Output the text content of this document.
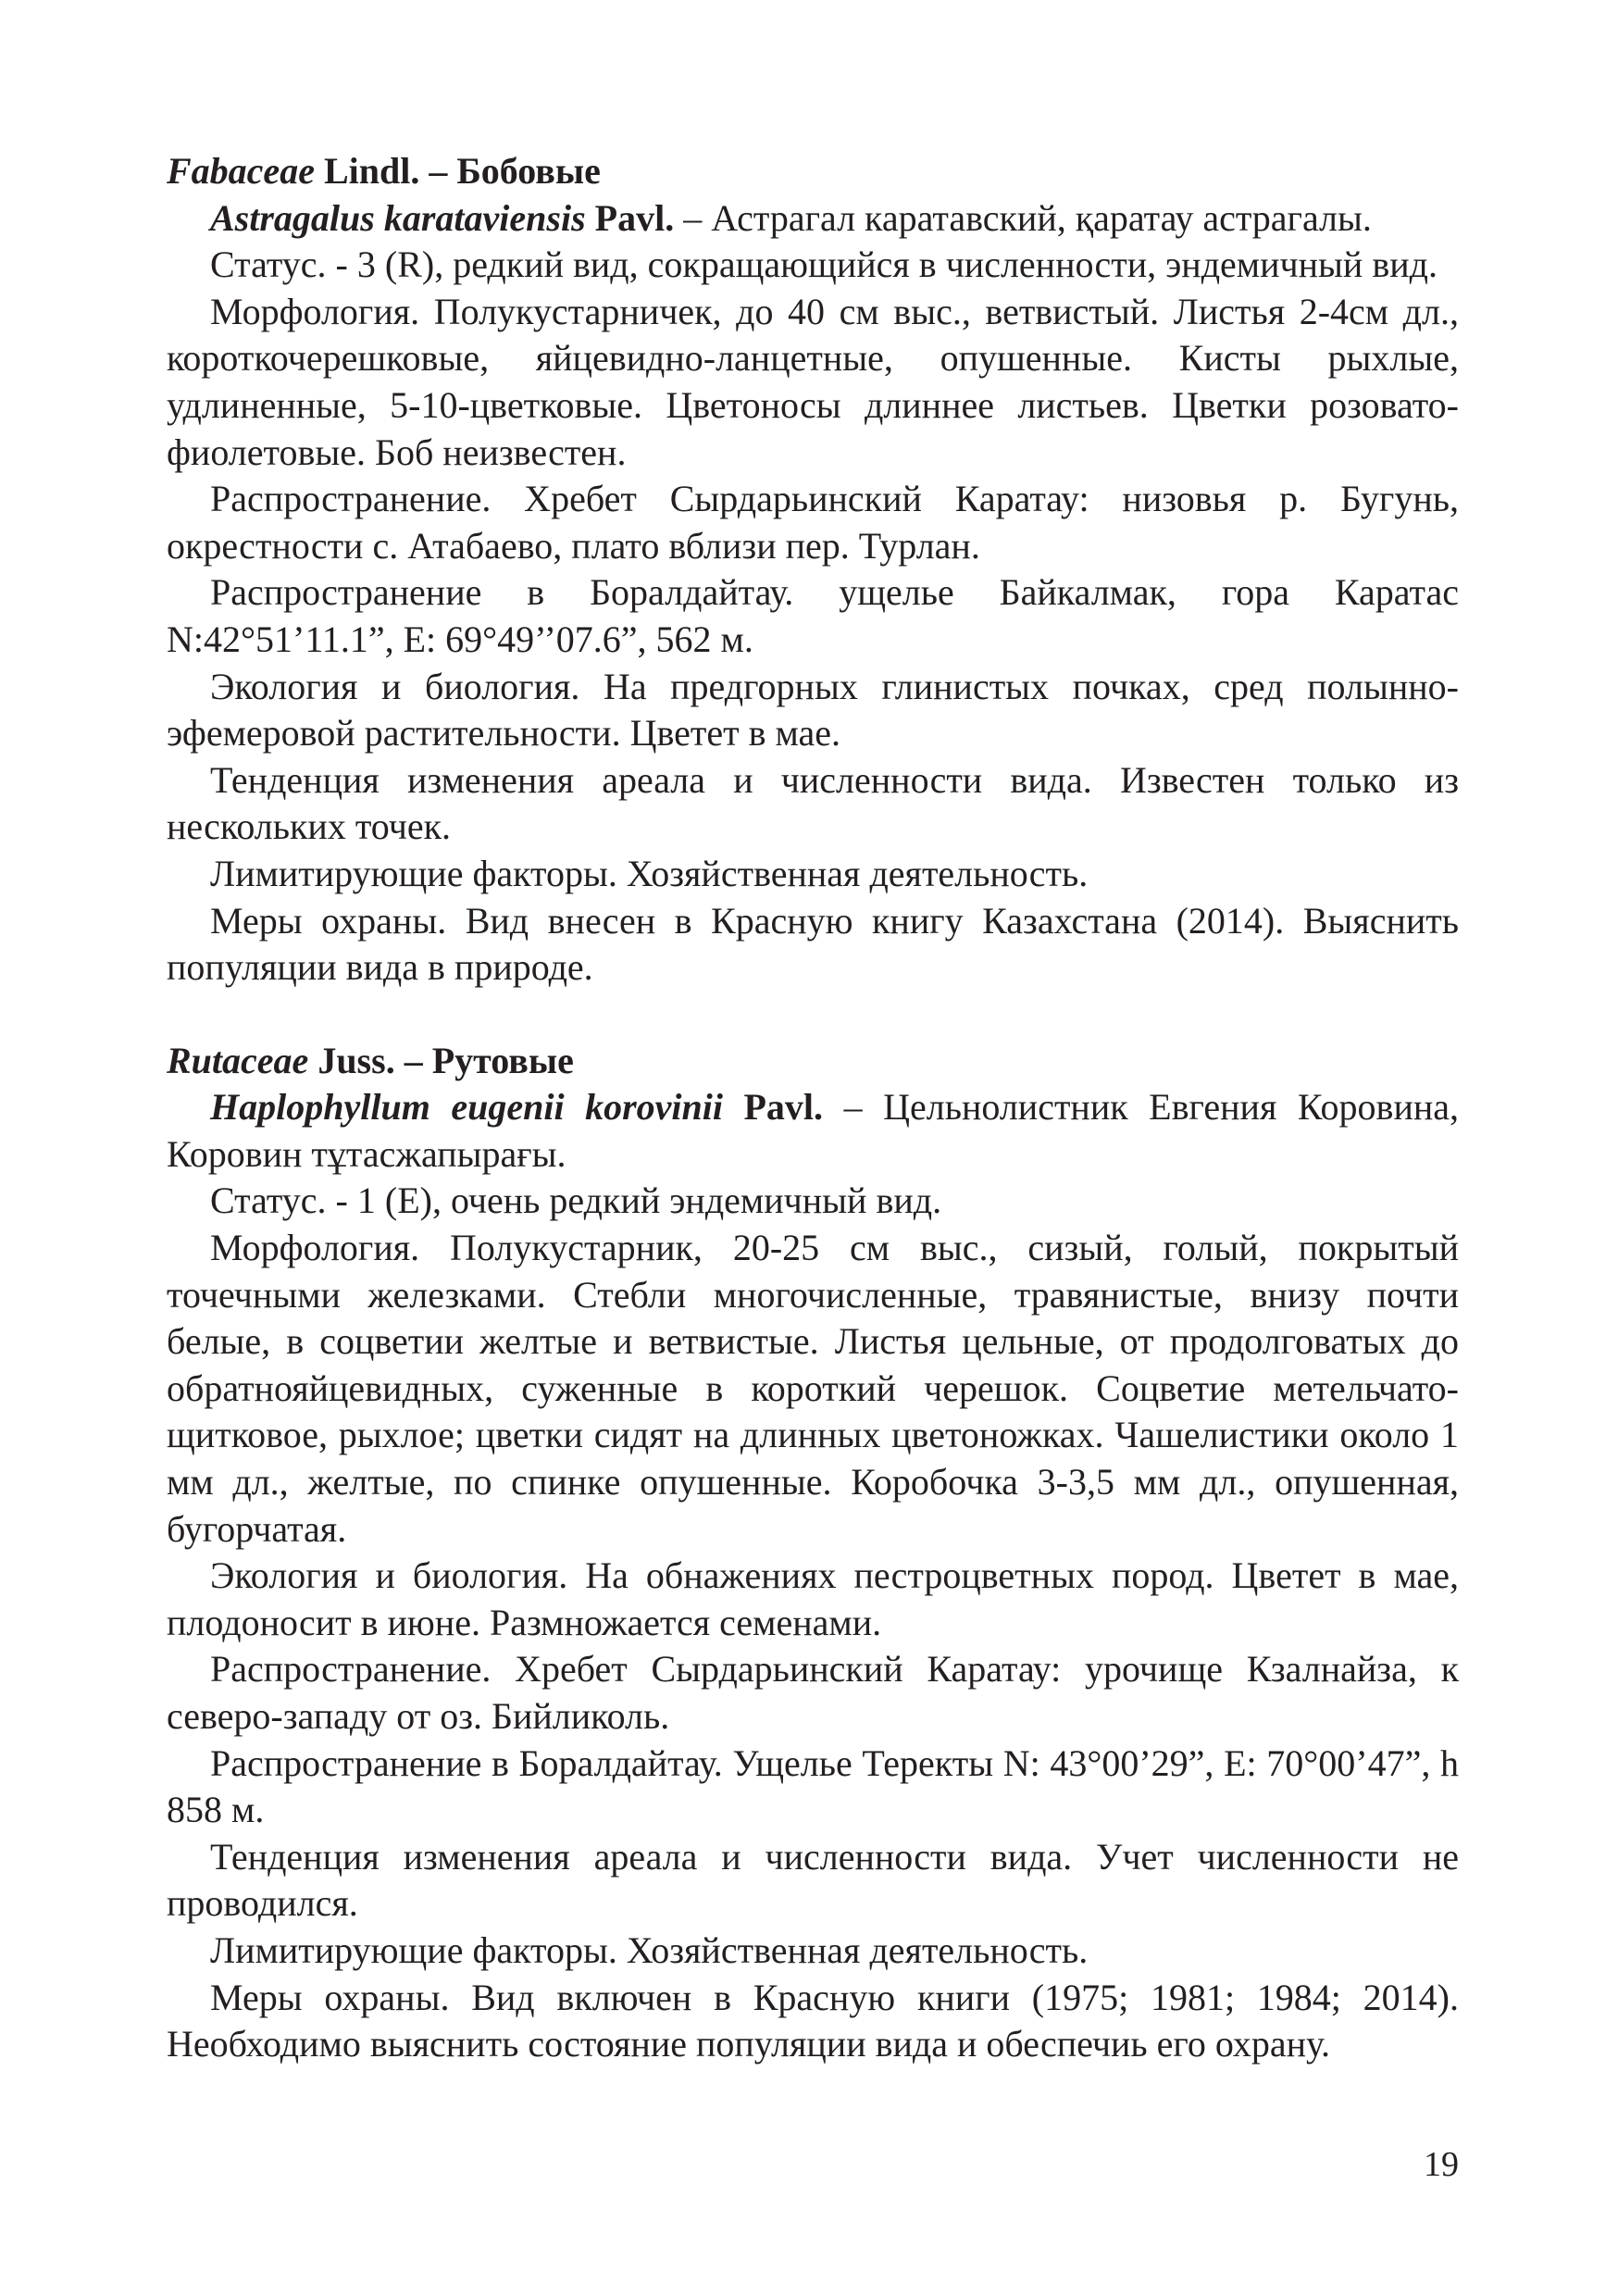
Fabaceae Lindl. – Бобовые

Astragalus karataviensis Pavl. – Астрагал каратавский, қаратау астрагалы.

Статус. - 3 (R), редкий вид, сокращающийся в численности, эндемичный вид.

Морфология. Полукустарничек, до 40 см выс., ветвистый. Листья 2-4см дл., короткочерешковые, яйцевидно-ланцетные, опушенные. Кисты рыхлые, удлиненные, 5-10-цветковые. Цветоносы длиннее листьев. Цветки розовато-фиолетовые. Боб неизвестен.

Распространение. Хребет Сырдарьинский Каратау: низовья р. Бугунь, окрестности с. Атабаево, плато вблизи пер. Турлан.

Распространение в Боралдайтау. ущелье Байкалмак, гора Каратас N:42°51’11.1”, E: 69°49’’07.6”, 562 м.

Экология и биология. На предгорных глинистых почках, сред полынно-эфемеровой растительности. Цветет в мае.

Тенденция изменения ареала и численности вида. Известен только из нескольких точек.

Лимитирующие факторы. Хозяйственная деятельность.

Меры охраны. Вид внесен в Красную книгу Казахстана (2014). Выяснить популяции вида в природе.

Rutaceae Juss. – Рутовые

Haplophyllum eugenii korovinii Pavl. – Цельнолистник Евгения Коровина, Коровин тұтасжапырағы.

Статус. - 1 (E), очень редкий эндемичный вид.

Морфология. Полукустарник, 20-25 см выс., сизый, голый, покрытый точечными железками. Стебли многочисленные, травянистые, внизу почти белые, в соцветии желтые и ветвистые. Листья цельные, от продолговатых до обратнояйцевидных, суженные в короткий черешок. Соцветие метельчато-щитковое, рыхлое; цветки сидят на длинных цветоножках. Чашелистики около 1 мм дл., желтые, по спинке опушенные. Коробочка 3-3,5 мм дл., опушенная, бугорчатая.

Экология и биология. На обнажениях пестроцветных пород. Цветет в мае, плодоносит в июне. Размножается семенами.

Распространение. Хребет Сырдарьинский Каратау: урочище Кзалнайза, к северо-западу от оз. Бийликоль.

Распространение в Боралдайтау. Ущелье Теректы N: 43°00’29”, E: 70°00’47”, h 858 м.

Тенденция изменения ареала и численности вида. Учет численности не проводился.

Лимитирующие факторы. Хозяйственная деятельность.

Меры охраны. Вид включен в Красную книги (1975; 1981; 1984; 2014). Необходимо выяснить состояние популяции вида и обеспечиь его охрану.

19
